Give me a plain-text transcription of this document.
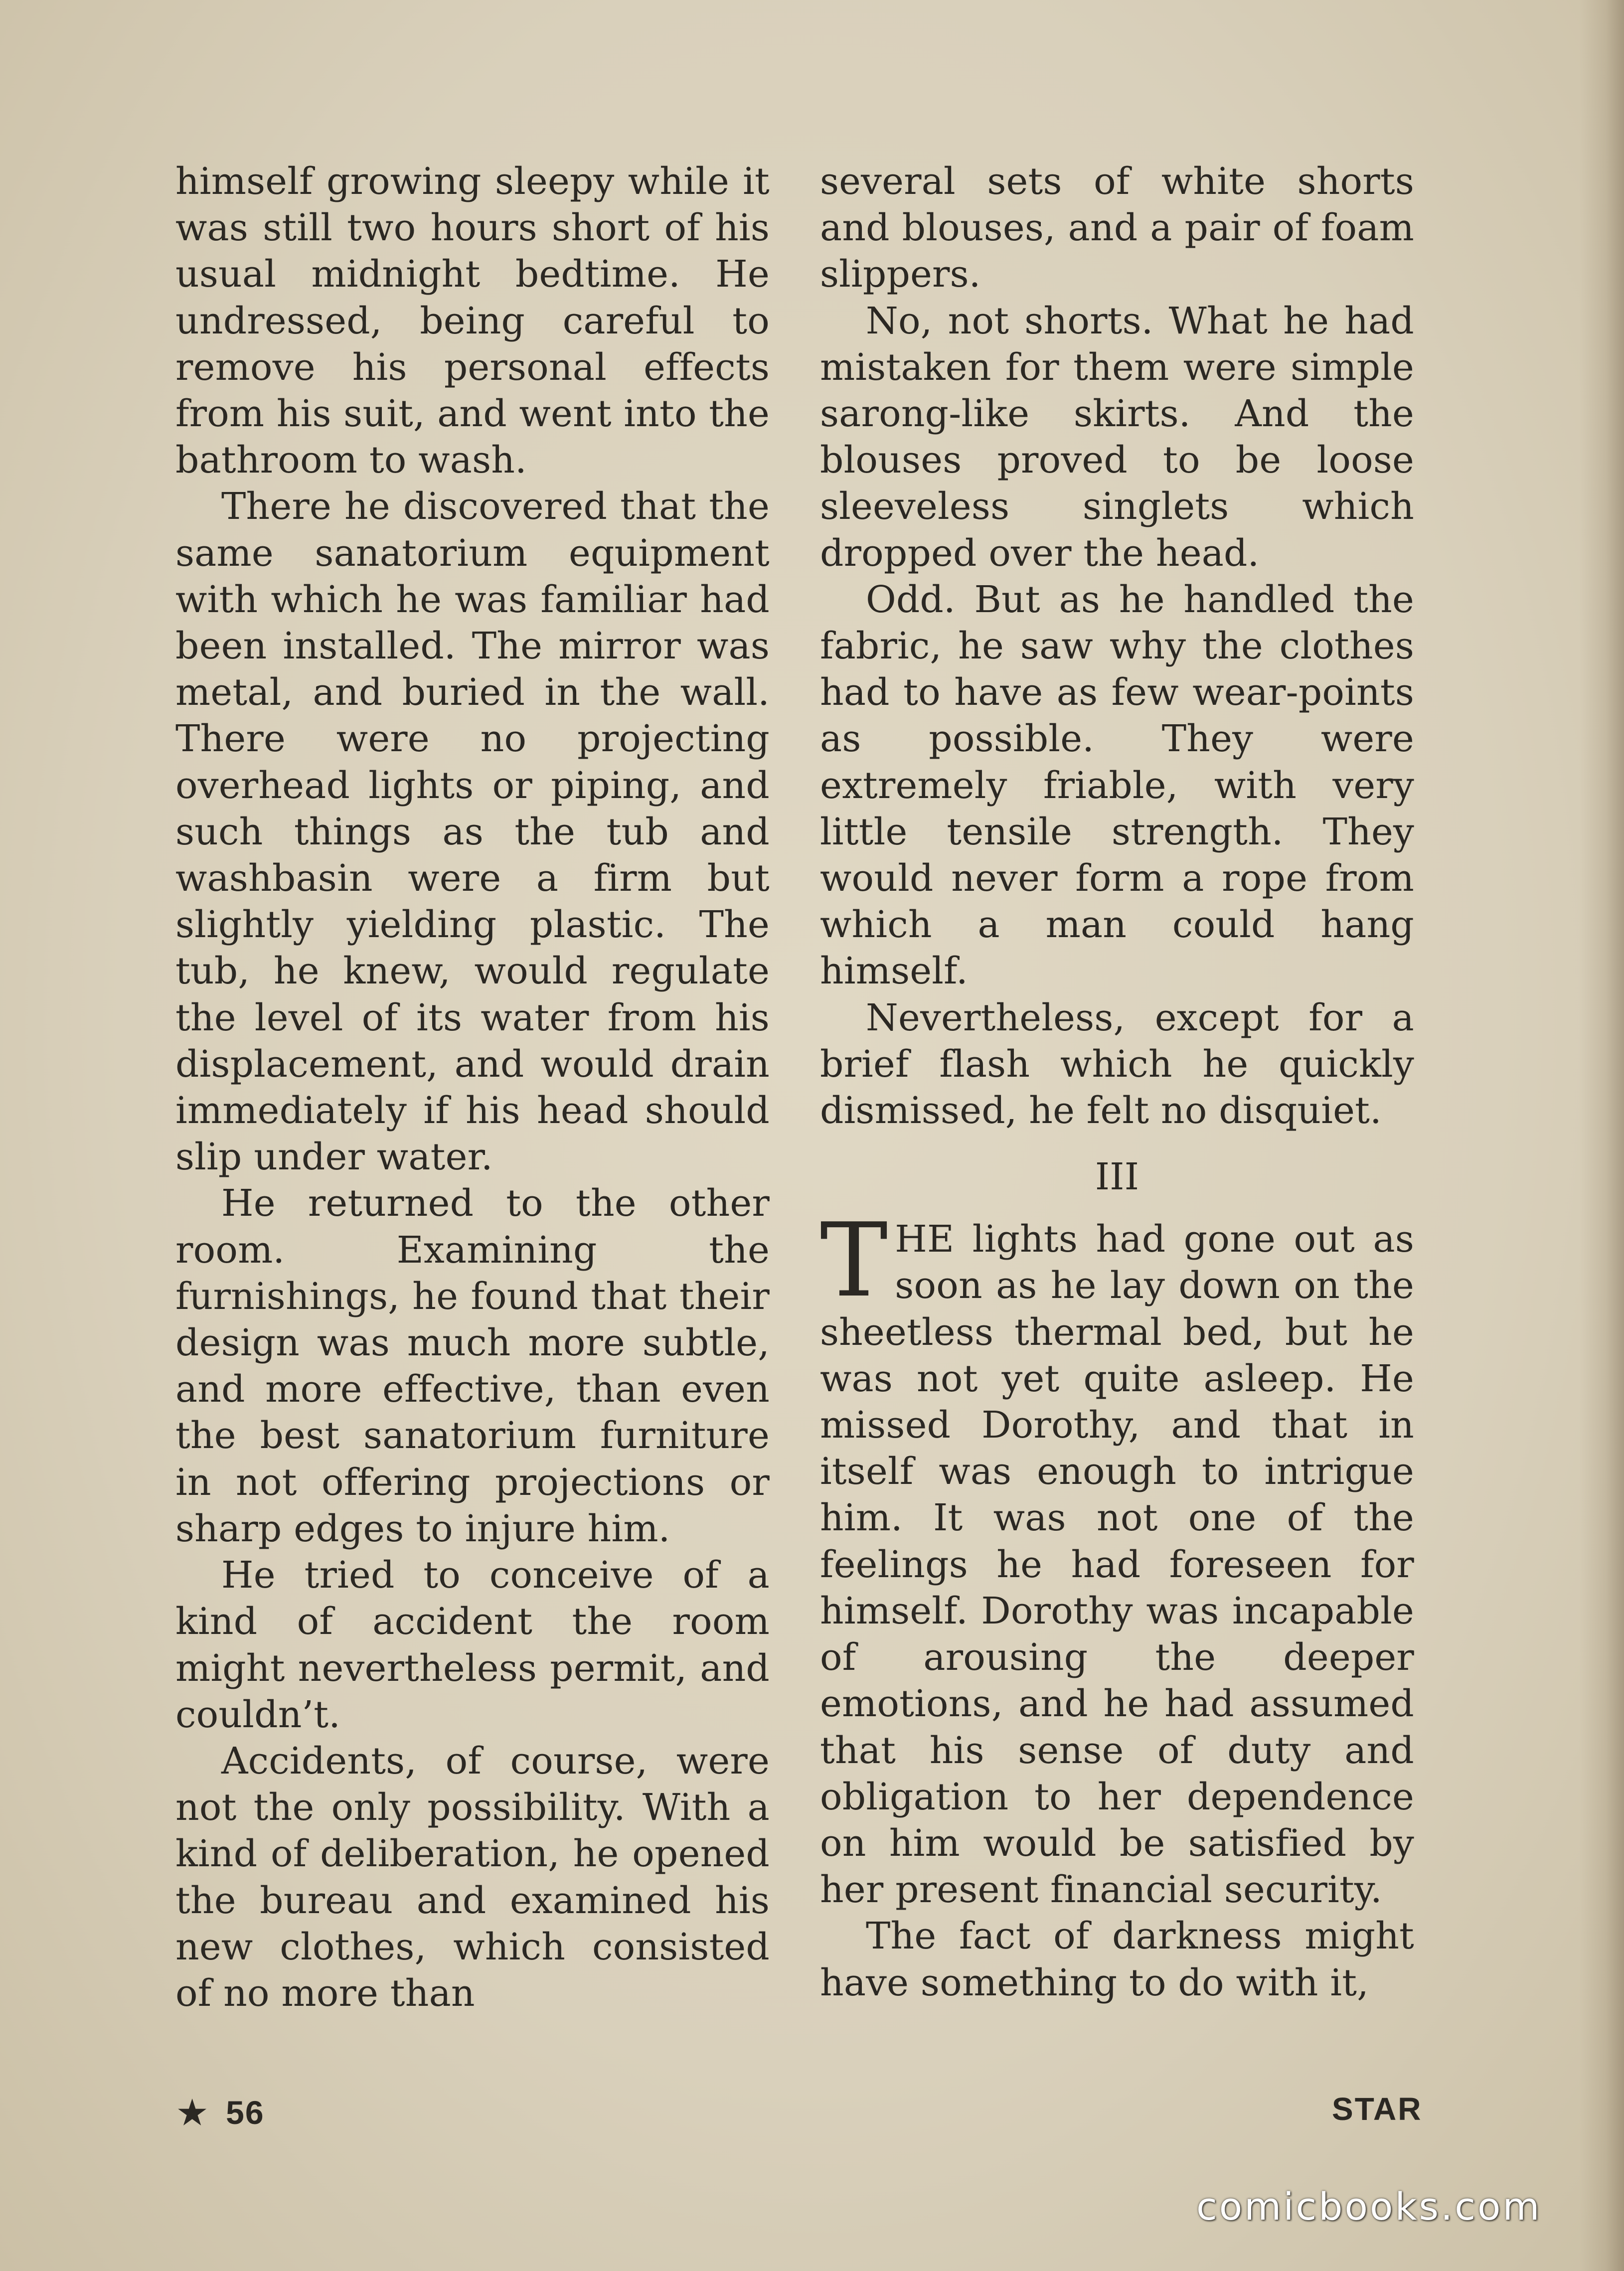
himself growing sleepy while it was still two hours short of his usual midnight bedtime. He undressed, being careful to remove his personal effects from his suit, and went into the bathroom to wash.

There he discovered that the same sanatorium equipment with which he was familiar had been installed. The mirror was metal, and buried in the wall. There were no projecting overhead lights or piping, and such things as the tub and washbasin were a firm but slightly yielding plastic. The tub, he knew, would regulate the level of its water from his displacement, and would drain immediately if his head should slip under water.

He returned to the other room. Examining the furnishings, he found that their design was much more subtle, and more effective, than even the best sanatorium furniture in not offering projections or sharp edges to injure him.

He tried to conceive of a kind of accident the room might nevertheless permit, and couldn’t.

Accidents, of course, were not the only possibility. With a kind of deliberation, he opened the bureau and examined his new clothes, which consisted of no more than

several sets of white shorts and blouses, and a pair of foam slippers.

No, not shorts. What he had mistaken for them were simple sarong-like skirts. And the blouses proved to be loose sleeveless singlets which dropped over the head.

Odd. But as he handled the fabric, he saw why the clothes had to have as few wear-points as possible. They were extremely friable, with very little tensile strength. They would never form a rope from which a man could hang himself.

Nevertheless, except for a brief flash which he quickly dismissed, he felt no disquiet.

III

THE lights had gone out as soon as he lay down on the sheetless thermal bed, but he was not yet quite asleep. He missed Dorothy, and that in itself was enough to intrigue him. It was not one of the feelings he had foreseen for himself. Dorothy was incapable of arousing the deeper emotions, and he had assumed that his sense of duty and obligation to her dependence on him would be satisfied by her present financial security.

The fact of darkness might have something to do with it,

★ 56	STAR
comicbooks.com
